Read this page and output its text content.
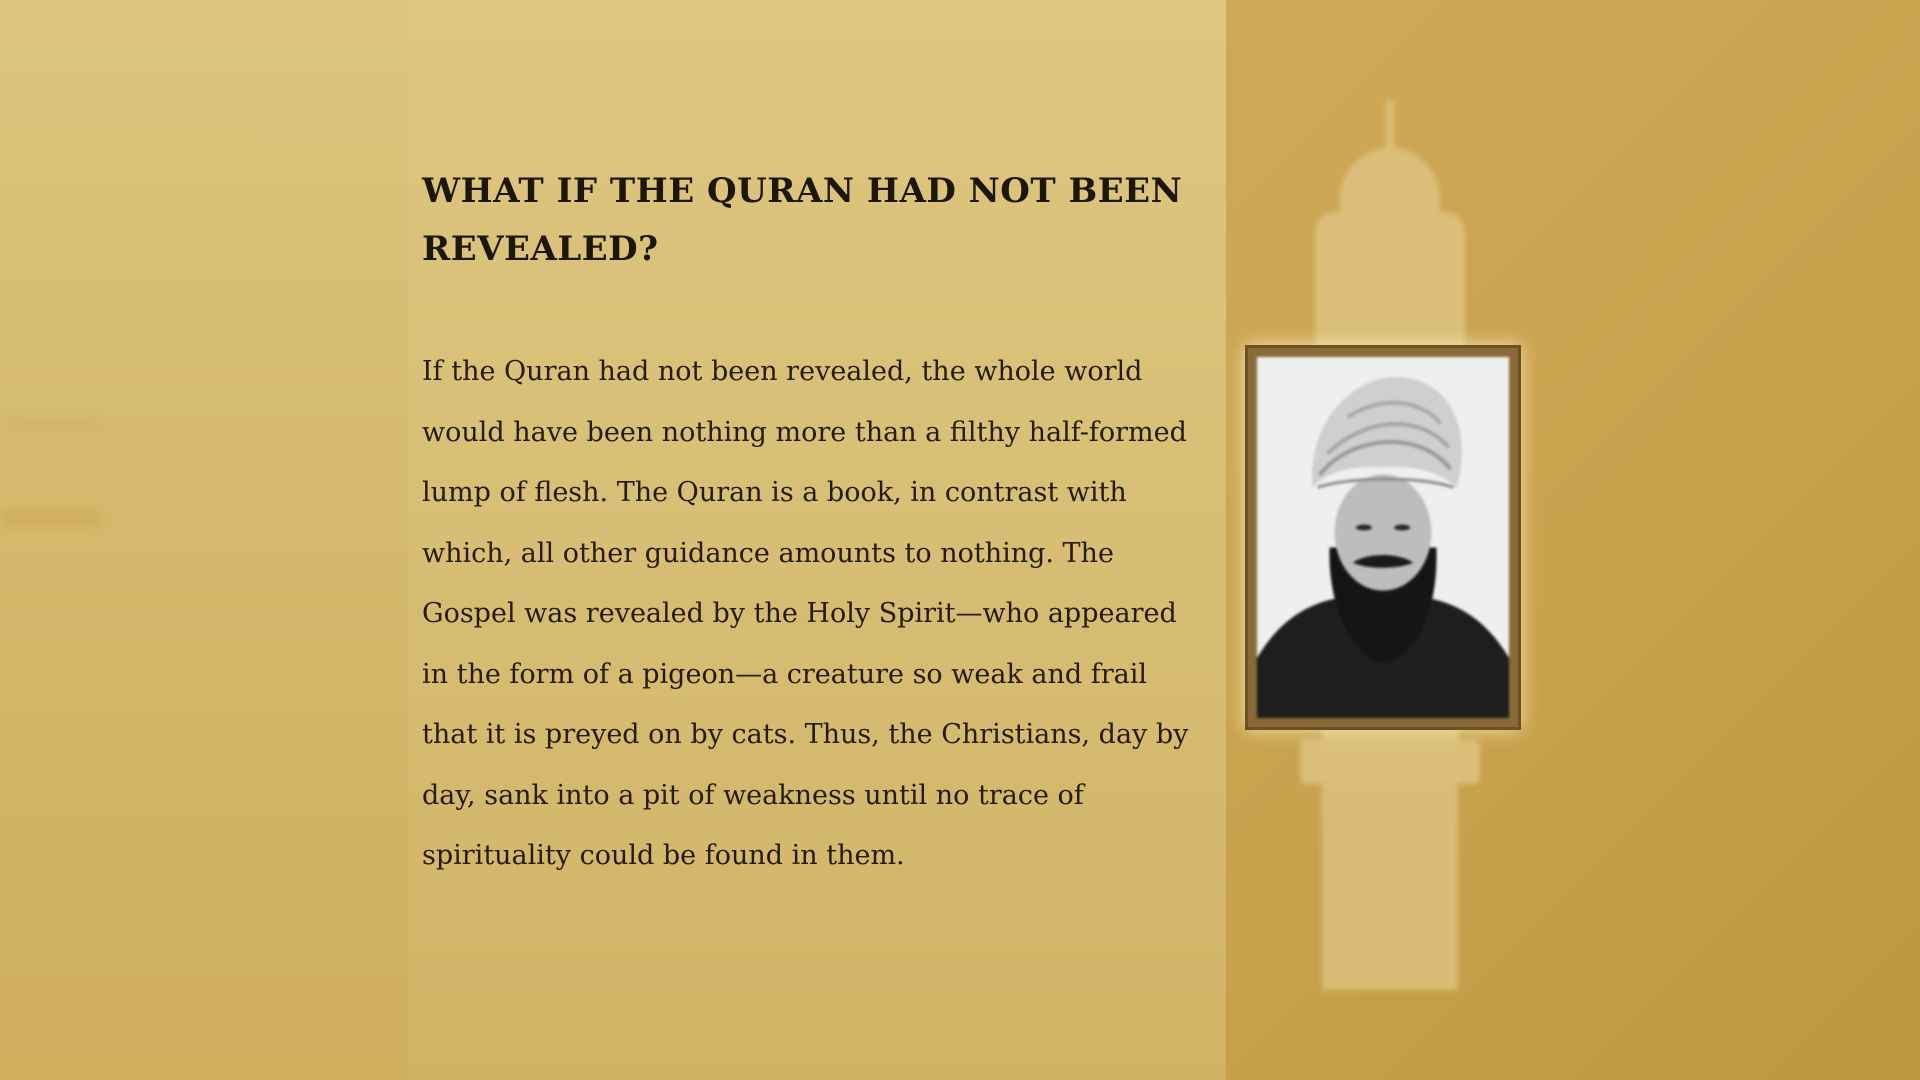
WHAT IF THE QURAN HAD NOT BEEN REVEALED?

If the Quran had not been revealed, the whole world would have been nothing more than a filthy half-formed lump of flesh. The Quran is a book, in contrast with which, all other guidance amounts to nothing. The Gospel was revealed by the Holy Spirit—who appeared in the form of a pigeon—a creature so weak and frail that it is preyed on by cats. Thus, the Christians, day by day, sank into a pit of weakness until no trace of spirituality could be found in them.
